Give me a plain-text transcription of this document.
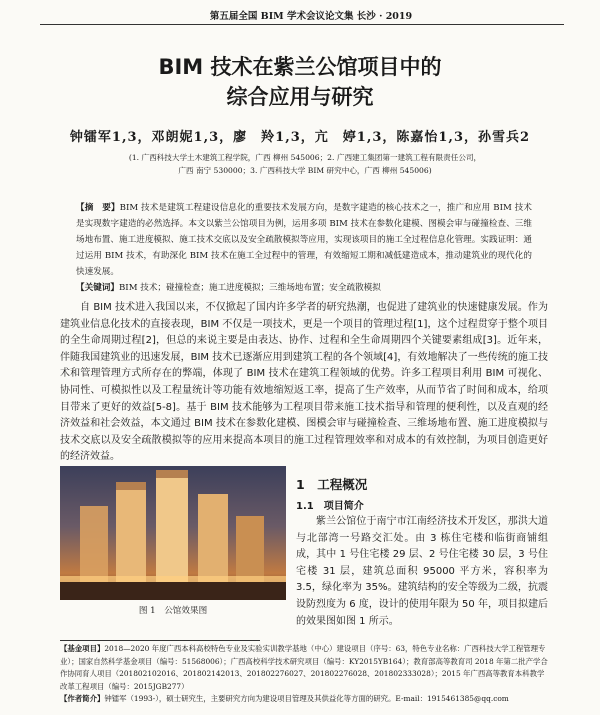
第五届全国 BIM 学术会议论文集 长沙 · 2019
BIM 技术在紫兰公馆项目中的
综合应用与研究
钟镭军1,3，邓朗妮1,3，廖　羚1,3，亢　婷1,3，陈嘉怡1,3，孙雪兵2
(1. 广西科技大学土木建筑工程学院，广西 柳州 545006；2. 广西建工集团第一建筑工程有限责任公司，
广西 南宁 530000；3. 广西科技大学 BIM 研究中心，广西 柳州 545006)
【摘　要】BIM 技术是建筑工程建设信息化的重要技术发展方向，是数字建造的核心技术之一，推广和应用 BIM 技术是实现数字建造的必然选择。本文以紫兰公馆项目为例，运用多项 BIM 技术在参数化建模、图模会审与碰撞检查、三维场地布置、施工进度模拟、施工技术交底以及安全疏散模拟等应用，实现该项目的施工全过程信息化管理。实践证明：通过运用 BIM 技术，有助深化 BIM 技术在施工全过程中的管理，有效缩短工期和减低建造成本，推动建筑业的现代化的快速发展。
【关键词】BIM 技术；碰撞检查；施工进度模拟；三维场地布置；安全疏散模拟

自 BIM 技术进入我国以来，不仅掀起了国内许多学者的研究热潮，也促进了建筑业的快速健康发展。作为建筑业信息化技术的直接表现，BIM 不仅是一项技术，更是一个项目的管理过程[1]，这个过程贯穿于整个项目的全生命周期过程[2]，但总的来说主要是由表达、协作、过程和全生命周期四个关键要素组成[3]。近年来，伴随我国建筑业的迅速发展，BIM 技术已逐渐应用到建筑工程的各个领域[4]，有效地解决了一些传统的施工技术和管理管理方式所存在的弊端，体现了 BIM 技术在建筑工程领域的优势。许多工程项目利用 BIM 可视化、协同性、可模拟性以及工程量统计等功能有效地缩短返工率，提高了生产效率，从而节省了时间和成本，给项目带来了更好的效益[5-8]。基于 BIM 技术能够为工程项目带来施工技术指导和管理的便利性，以及直观的经济效益和社会效益，本文通过 BIM 技术在参数化建模、图模会审与碰撞检查、三维场地布置、施工进度模拟与技术交底以及安全疏散模拟等的应用来提高本项目的施工过程管理效率和对成本的有效控制，为项目创造更好的经济效益。

图 1　公馆效果图
1　工程概况
1.1　项目简介

紫兰公馆位于南宁市江南经济技术开发区，那洪大道与北部湾一号路交汇处。由 3 栋住宅楼和临街商铺组成，其中 1 号住宅楼 29 层、2 号住宅楼 30 层，3 号住宅楼 31 层，建筑总面积 95000 平方米，容积率为 3.5，绿化率为 35%。建筑结构的安全等级为二级，抗震设防烈度为 6 度，设计的使用年限为 50 年，项目拟建后的效果图如图 1 所示。

【基金项目】2018—2020 年度广西本科高校特色专业及实验实训教学基地（中心）建设项目（序号：63，特色专业名称：广西科技大学工程管理专业）；国家自然科学基金项目（编号：51568006）；广西高校科学技术研究项目（编号：KY2015YB164）；教育部高等教育司 2018 年第二批产学合作协同育人项目（201802102016、201802142013、201802276027、201802276028、201802333028）；2015 年广西高等教育本科教学改革工程项目（编号：2015JGB277）
【作者简介】钟镭军（1993-），硕士研究生，主要研究方向为建设项目管理及其供益化等方面的研究。E-mail：1915461385@qq.com
